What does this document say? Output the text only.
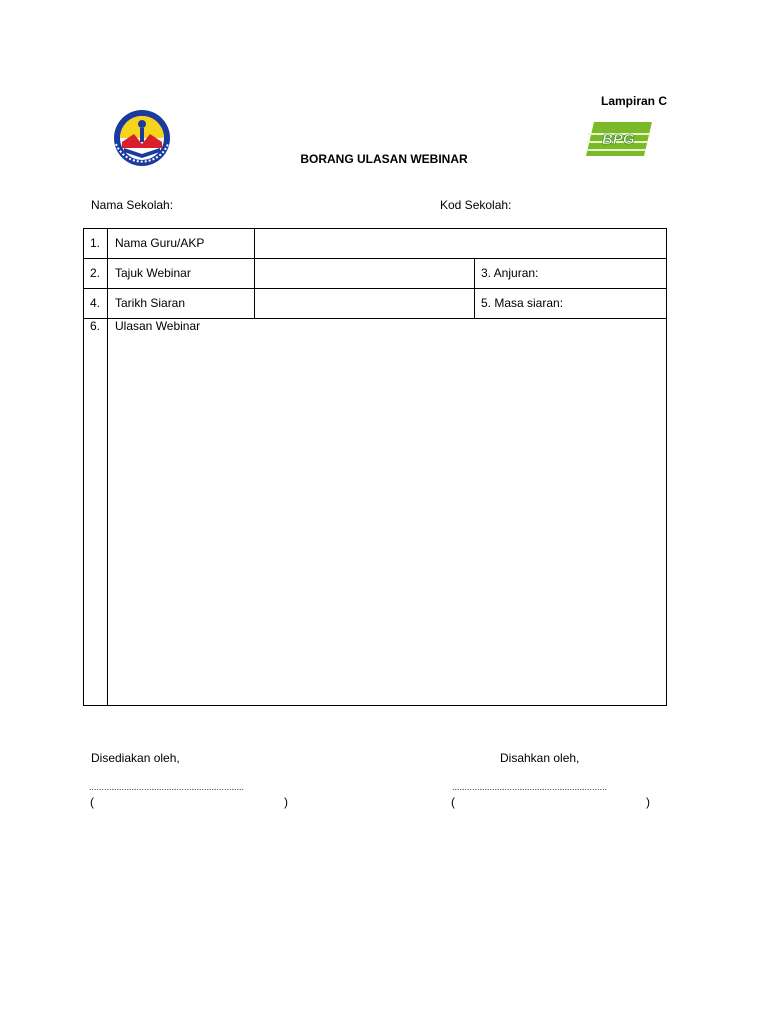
Lampiran C
BPG
BORANG ULASAN WEBINAR
Nama Sekolah:	Kod Sekolah:
1. Nama Guru/AKP
2. Tajuk Webinar	3. Anjuran:
4. Tarikh Siaran	5. Masa siaran:
6. Ulasan Webinar
Disediakan oleh,	Disahkan oleh,
..............................................................	..............................................................
(	)	(	)
